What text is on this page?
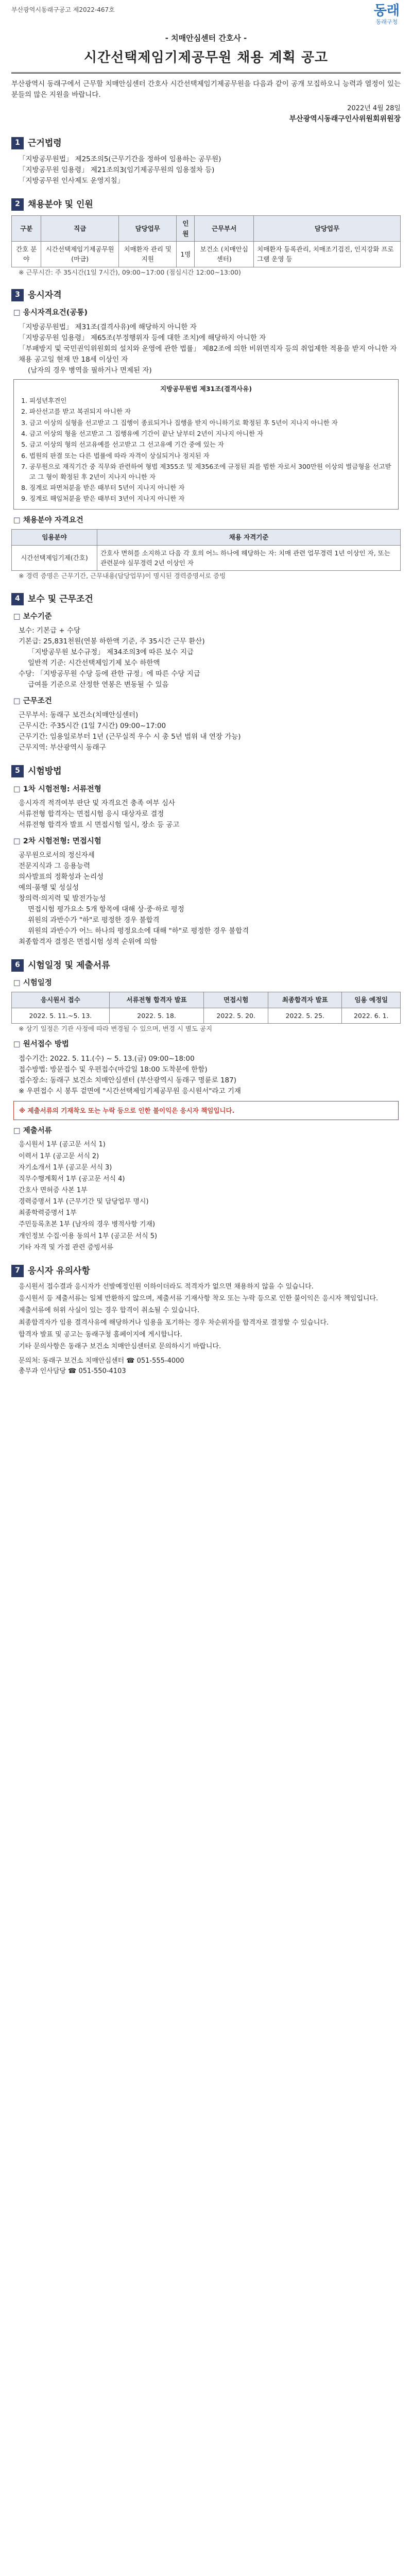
부산광역시동래구공고 제2022-467호	동래
동래구청
- 치매안심센터 간호사 -
시간선택제임기제공무원 채용 계획 공고
부산광역시 동래구에서 근무할 치매안심센터 간호사 시간선택제임기제공무원을 다음과 같이 공개 모집하오니 능력과 열정이 있는 분들의 많은 지원을 바랍니다.
2022년 4월 28일
부산광역시동래구인사위원회위원장
1 근거법령
「지방공무원법」 제25조의5(근무기간을 정하여 임용하는 공무원)
「지방공무원 임용령」 제21조의3(임기제공무원의 임용절차 등)
「지방공무원 인사제도 운영지침」
2 채용분야 및 인원
구분	직급	담당업무	인원	근무부서	담당업무
간호 분야	시간선택제임기제공무원(마급)	치매환자 관리 및 지원	1명	보건소 (치매안심센터)	치매환자 등록관리, 치매조기검진, 인지강화 프로그램 운영 등
※ 근무시간: 주 35시간(1일 7시간), 09:00~17:00 (점심시간 12:00~13:00)
3 응시자격
□ 응시자격요건(공통)
「지방공무원법」 제31조(결격사유)에 해당하지 아니한 자
「지방공무원 임용령」 제65조(부정행위자 등에 대한 조치)에 해당하지 아니한 자
「부패방지 및 국민권익위원회의 설치와 운영에 관한 법률」 제82조에 의한 비위면직자 등의 취업제한 적용을 받지 아니한 자
채용 공고일 현재 만 18세 이상인 자
(남자의 경우 병역을 필하거나 면제된 자)
지방공무원법 제31조(결격사유)
1. 피성년후견인
2. 파산선고를 받고 복권되지 아니한 자
3. 금고 이상의 실형을 선고받고 그 집행이 종료되거나 집행을 받지 아니하기로 확정된 후 5년이 지나지 아니한 자
4. 금고 이상의 형을 선고받고 그 집행유예 기간이 끝난 날부터 2년이 지나지 아니한 자
5. 금고 이상의 형의 선고유예를 선고받고 그 선고유예 기간 중에 있는 자
6. 법원의 판결 또는 다른 법률에 따라 자격이 상실되거나 정지된 자
7. 공무원으로 재직기간 중 직무와 관련하여 형법 제355조 및 제356조에 규정된 죄를 범한 자로서 300만원 이상의 벌금형을 선고받고 그 형이 확정된 후 2년이 지나지 아니한 자
8. 징계로 파면처분을 받은 때부터 5년이 지나지 아니한 자
9. 징계로 해임처분을 받은 때부터 3년이 지나지 아니한 자
□ 채용분야 자격요건
임용분야	채용 자격기준
시간선택제임기제(간호)	간호사 면허를 소지하고 다음 각 호의 어느 하나에 해당하는 자: 치매 관련 업무경력 1년 이상인 자, 또는 관련분야 실무경력 2년 이상인 자
※ 경력 증명은 근무기간, 근무내용(담당업무)이 명시된 경력증명서로 증빙
4 보수 및 근무조건
□ 보수기준
보수: 기본급 + 수당
기본급: 25,831천원(연봉 하한액 기준, 주 35시간 근무 환산)
「지방공무원 보수규정」 제34조의3에 따른 보수 지급
일반적 기준: 시간선택제임기제 보수 하한액
수당: 「지방공무원 수당 등에 관한 규정」에 따른 수당 지급
급여를 기준으로 산정한 연봉은 변동될 수 있음
□ 근무조건
근무부서: 동래구 보건소(치매안심센터)
근무시간: 주35시간 (1일 7시간) 09:00~17:00
근무기간: 임용일로부터 1년 (근무실적 우수 시 총 5년 범위 내 연장 가능)
근무지역: 부산광역시 동래구
5 시험방법
□ 1차 시험전형: 서류전형
응시자격 적격여부 판단 및 자격요건 충족 여부 심사
서류전형 합격자는 면접시험 응시 대상자로 결정
서류전형 합격자 발표 시 면접시험 일시, 장소 등 공고
□ 2차 시험전형: 면접시험
공무원으로서의 정신자세
전문지식과 그 응용능력
의사발표의 정확성과 논리성
예의·품행 및 성실성
창의력·의지력 및 발전가능성
면접시험 평가요소 5개 항목에 대해 상·중·하로 평정
위원의 과반수가 "하"로 평정한 경우 불합격
위원의 과반수가 어느 하나의 평정요소에 대해 "하"로 평정한 경우 불합격
최종합격자 결정은 면접시험 성적 순위에 의함
6 시험일정 및 제출서류
□ 시험일정
응시원서 접수	서류전형 합격자 발표	면접시험	최종합격자 발표	임용 예정일
2022. 5. 11.~5. 13.	2022. 5. 18.	2022. 5. 20.	2022. 5. 25.	2022. 6. 1.
※ 상기 일정은 기관 사정에 따라 변경될 수 있으며, 변경 시 별도 공지
□ 원서접수 방법
접수기간: 2022. 5. 11.(수) ~ 5. 13.(금) 09:00~18:00
접수방법: 방문접수 및 우편접수(마감일 18:00 도착분에 한함)
접수장소: 동래구 보건소 치매안심센터 (부산광역시 동래구 명륜로 187)
※ 우편접수 시 봉투 겉면에 "시간선택제임기제공무원 응시원서"라고 기재
※ 제출서류의 기재착오 또는 누락 등으로 인한 불이익은 응시자 책임입니다.
□ 제출서류
응시원서 1부 (공고문 서식 1)
이력서 1부 (공고문 서식 2)
자기소개서 1부 (공고문 서식 3)
직무수행계획서 1부 (공고문 서식 4)
간호사 면허증 사본 1부
경력증명서 1부 (근무기간 및 담당업무 명시)
최종학력증명서 1부
주민등록초본 1부 (남자의 경우 병적사항 기재)
개인정보 수집·이용 동의서 1부 (공고문 서식 5)
기타 자격 및 가점 관련 증빙서류
7 응시자 유의사항
응시원서 접수결과 응시자가 선발예정인원 이하이더라도 적격자가 없으면 채용하지 않을 수 있습니다.
응시원서 등 제출서류는 일체 반환하지 않으며, 제출서류 기재사항 착오 또는 누락 등으로 인한 불이익은 응시자 책임입니다.
제출서류에 허위 사실이 있는 경우 합격이 취소될 수 있습니다.
최종합격자가 임용 결격사유에 해당하거나 임용을 포기하는 경우 차순위자를 합격자로 결정할 수 있습니다.
합격자 발표 및 공고는 동래구청 홈페이지에 게시합니다.
기타 문의사항은 동래구 보건소 치매안심센터로 문의하시기 바랍니다.
문의처: 동래구 보건소 치매안심센터 ☎ 051-555-4000
총무과 인사담당 ☎ 051-550-4103
